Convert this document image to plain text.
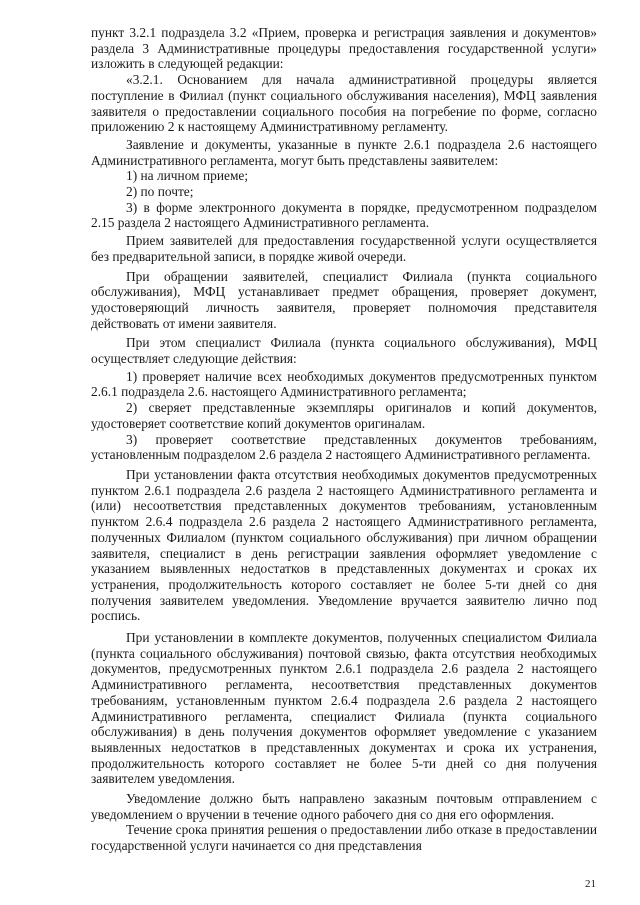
пункт 3.2.1 подраздела 3.2 «Прием, проверка и регистрация заявления и документов» раздела 3 Административные процедуры предоставления государственной услуги» изложить в следующей редакции:

«3.2.1. Основанием для начала административной процедуры является поступление в Филиал (пункт социального обслуживания населения), МФЦ заявления заявителя о предоставлении социального пособия на погребение по форме, согласно приложению 2 к настоящему Административному регламенту.

Заявление и документы, указанные в пункте 2.6.1 подраздела 2.6 настоящего Административного регламента, могут быть представлены заявителем:

1) на личном приеме;

2) по почте;

3) в форме электронного документа в порядке, предусмотренном подразделом 2.15 раздела 2 настоящего Административного регламента.

Прием заявителей для предоставления государственной услуги осуществляется без предварительной записи, в порядке живой очереди.

При обращении заявителей, специалист Филиала (пункта социального обслуживания), МФЦ устанавливает предмет обращения, проверяет документ, удостоверяющий личность заявителя, проверяет полномочия представителя действовать от имени заявителя.

При этом специалист Филиала (пункта социального обслуживания), МФЦ осуществляет следующие действия:

1) проверяет наличие всех необходимых документов предусмотренных пунктом 2.6.1 подраздела 2.6. настоящего Административного регламента;

2) сверяет представленные экземпляры оригиналов и копий документов, удостоверяет соответствие копий документов оригиналам.

3) проверяет соответствие представленных документов требованиям, установленным подразделом 2.6 раздела 2 настоящего Административного регламента.

При установлении факта отсутствия необходимых документов предусмотренных пунктом 2.6.1 подраздела 2.6 раздела 2 настоящего Административного регламента и (или) несоответствия представленных документов требованиям, установленным пунктом 2.6.4 подраздела 2.6 раздела 2 настоящего Административного регламента, полученных Филиалом (пунктом социального обслуживания) при личном обращении заявителя, специалист в день регистрации заявления оформляет уведомление с указанием выявленных недостатков в представленных документах и сроках их устранения, продолжительность которого составляет не более 5-ти дней со дня получения заявителем уведомления. Уведомление вручается заявителю лично под роспись.

При установлении в комплекте документов, полученных специалистом Филиала (пункта социального обслуживания) почтовой связью, факта отсутствия необходимых документов, предусмотренных пунктом 2.6.1 подраздела 2.6 раздела 2 настоящего Административного регламента, несоответствия представленных документов требованиям, установленным пунктом 2.6.4 подраздела 2.6 раздела 2 настоящего Административного регламента, специалист Филиала (пункта социального обслуживания) в день получения документов оформляет уведомление с указанием выявленных недостатков в представленных документах и срока их устранения, продолжительность которого составляет не более 5-ти дней со дня получения заявителем уведомления.

Уведомление должно быть направлено заказным почтовым отправлением с уведомлением о вручении в течение одного рабочего дня со дня его оформления.

Течение срока принятия решения о предоставлении либо отказе в предоставлении государственной услуги начинается со дня представления

21
